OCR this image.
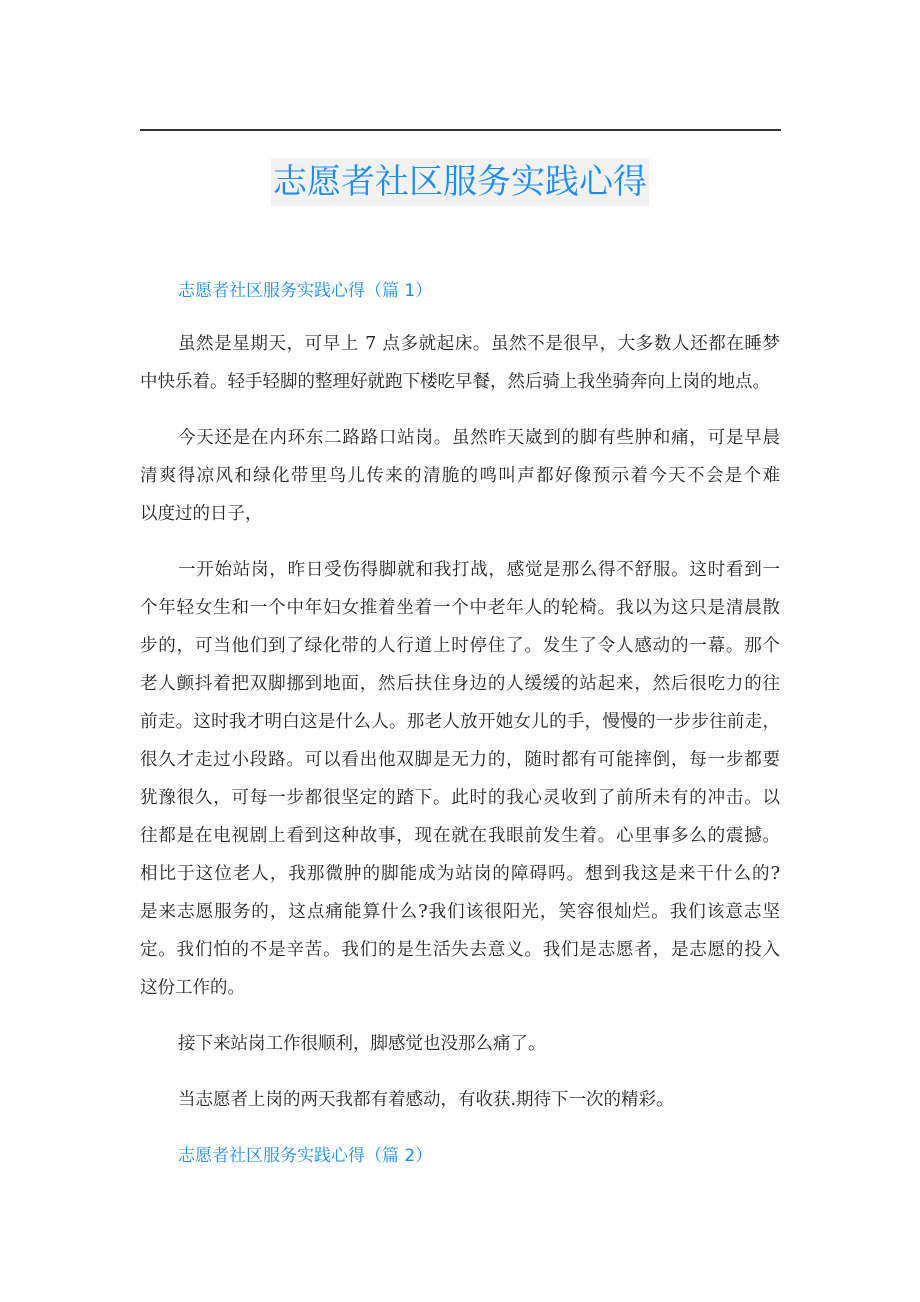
志愿者社区服务实践心得
志愿者社区服务实践心得（篇 1）
虽然是星期天，可早上 7 点多就起床。虽然不是很早，大多数人还都在睡梦
中快乐着。轻手轻脚的整理好就跑下楼吃早餐，然后骑上我坐骑奔向上岗的地点。
今天还是在内环东二路路口站岗。虽然昨天崴到的脚有些肿和痛，可是早晨
清爽得凉风和绿化带里鸟儿传来的清脆的鸣叫声都好像预示着今天不会是个难
以度过的日子，
一开始站岗，昨日受伤得脚就和我打战，感觉是那么得不舒服。这时看到一
个年轻女生和一个中年妇女推着坐着一个中老年人的轮椅。我以为这只是清晨散
步的，可当他们到了绿化带的人行道上时停住了。发生了令人感动的一幕。那个
老人颤抖着把双脚挪到地面，然后扶住身边的人缓缓的站起来，然后很吃力的往
前走。这时我才明白这是什么人。那老人放开她女儿的手，慢慢的一步步往前走，
很久才走过小段路。可以看出他双脚是无力的，随时都有可能摔倒，每一步都要
犹豫很久，可每一步都很坚定的踏下。此时的我心灵收到了前所未有的冲击。以
往都是在电视剧上看到这种故事，现在就在我眼前发生着。心里事多么的震撼。
相比于这位老人，我那微肿的脚能成为站岗的障碍吗。想到我这是来干什么的?
是来志愿服务的，这点痛能算什么?我们该很阳光，笑容很灿烂。我们该意志坚
定。我们怕的不是辛苦。我们的是生活失去意义。我们是志愿者，是志愿的投入
这份工作的。
接下来站岗工作很顺利，脚感觉也没那么痛了。
当志愿者上岗的两天我都有着感动，有收获.期待下一次的精彩。
志愿者社区服务实践心得（篇 2）
